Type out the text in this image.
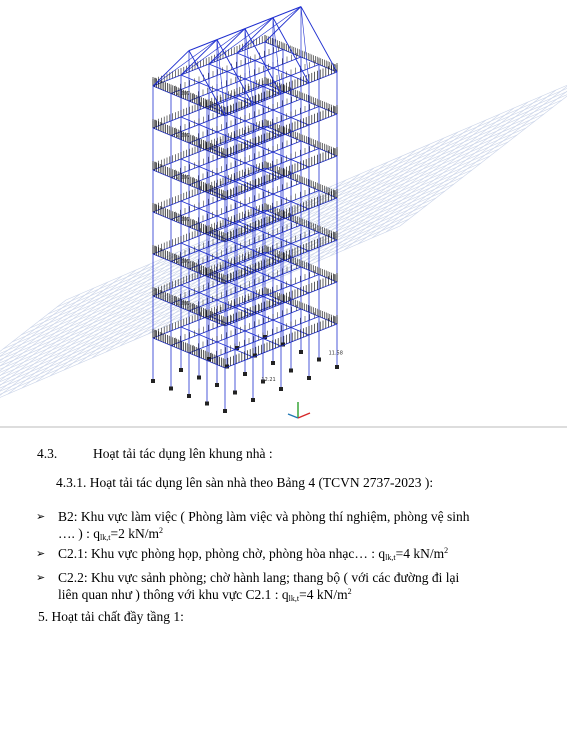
9.207
9.207
9.207
9.207
9.207
9.207
12.21
11.58
4.3.	Hoạt tải tác dụng lên khung nhà :
4.3.1. Hoạt tải tác dụng lên sàn nhà theo Bảng 4 (TCVN 2737-2023 ):
➢ B2: Khu vực làm việc ( Phòng làm việc và phòng thí nghiệm, phòng vệ sinh
…. ) : $q_{lk,t}=2$ $kN/m^2$
➢ C2.1: Khu vực phòng họp, phòng chờ, phòng hòa nhạc… : $q_{lk,t}=4$ $kN/m^2$
➢ C2.2: Khu vực sảnh phòng; chờ hành lang; thang bộ ( với các đường đi lại
liên quan như ) thông với khu vực C2.1 : $q_{lk,t}=4$ $kN/m^2$
5. Hoạt tải chất đầy tầng 1:
